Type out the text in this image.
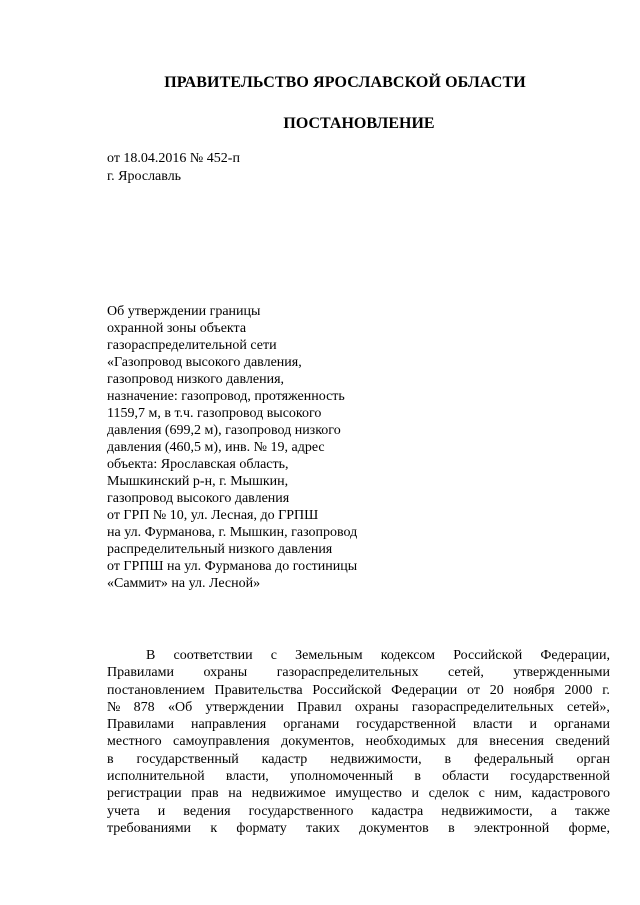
ПРАВИТЕЛЬСТВО ЯРОСЛАВСКОЙ ОБЛАСТИ
ПОСТАНОВЛЕНИЕ
от 18.04.2016 № 452-п
г. Ярославль
Об утверждении границы
охранной зоны объекта
газораспределительной сети
«Газопровод высокого давления,
газопровод низкого давления,
назначение: газопровод, протяженность
1159,7 м, в т.ч. газопровод высокого
давления (699,2 м), газопровод низкого
давления (460,5 м), инв. № 19, адрес
объекта: Ярославская область,
Мышкинский р-н, г. Мышкин,
газопровод высокого давления
от ГРП № 10, ул. Лесная, до ГРПШ
на ул. Фурманова, г. Мышкин, газопровод
распределительный низкого давления
от ГРПШ на ул. Фурманова до гостиницы
«Саммит» на ул. Лесной»
В соответствии с Земельным кодексом Российской Федерации,
Правилами охраны газораспределительных сетей, утвержденными
постановлением Правительства Российской Федерации от 20 ноября 2000 г.
№ 878 «Об утверждении Правил охраны газораспределительных сетей»,
Правилами направления органами государственной власти и органами
местного самоуправления документов, необходимых для внесения сведений
в государственный кадастр недвижимости, в федеральный орган
исполнительной власти, уполномоченный в области государственной
регистрации прав на недвижимое имущество и сделок с ним, кадастрового
учета и ведения государственного кадастра недвижимости, а также
требованиями к формату таких документов в электронной форме,
